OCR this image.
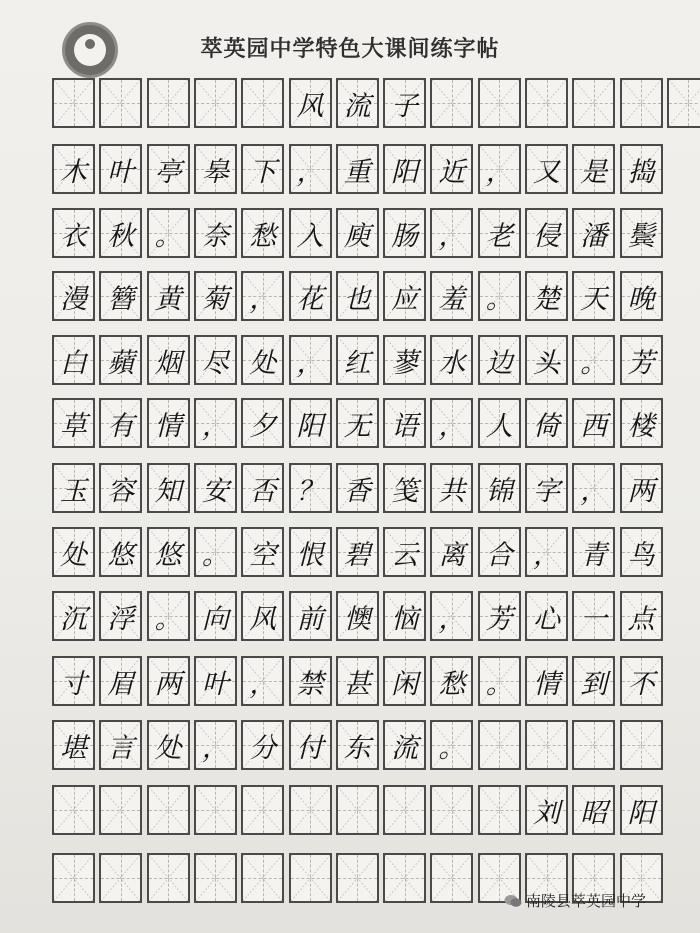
萃英园中学特色大课间练字帖
风 流 子
木 叶 亭 皋 下 ， 重 阳 近 ， 又 是 捣
衣 秋 。 奈 愁 入 庾 肠 ， 老 侵 潘 鬓
漫 簪 黄 菊 ， 花 也 应 羞 。 楚 天 晚
白 蘋 烟 尽 处 ， 红 蓼 水 边 头 。 芳
草 有 情 ， 夕 阳 无 语 ， 人 倚 西 楼
玉 容 知 安 否 ？ 香 笺 共 锦 字 ， 两
处 悠 悠 。 空 恨 碧 云 离 合 ， 青 鸟
沉 浮 。 向 风 前 懊 恼 ， 芳 心 一 点
寸 眉 两 叶 ， 禁 甚 闲 愁 。 情 到 不
堪 言 处 ， 分 付 东 流 。
刘 昭 阳
南陵县萃英园中学
